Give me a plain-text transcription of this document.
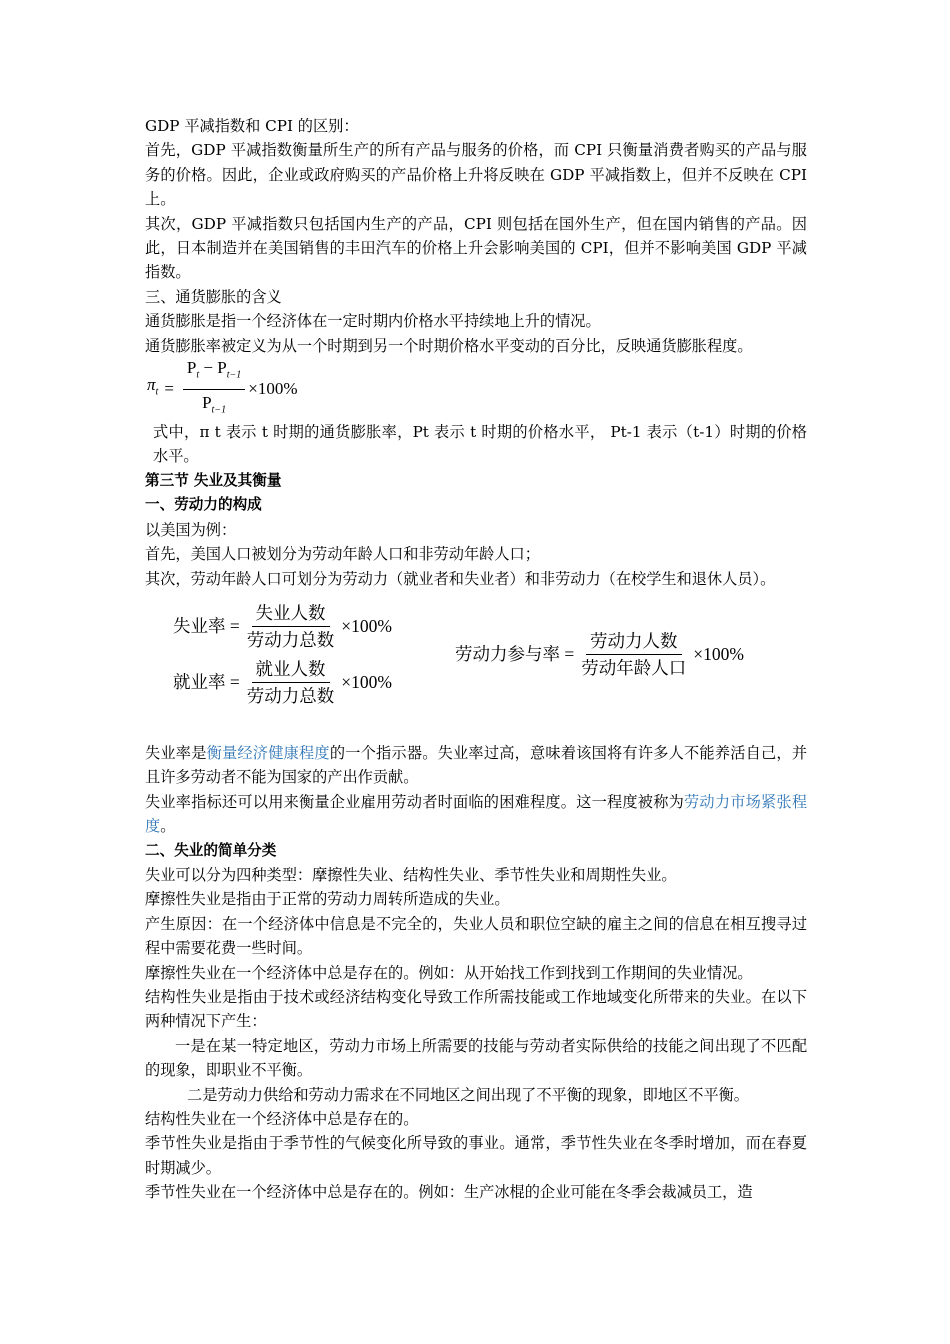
GDP 平减指数和 CPI 的区别：

首先，GDP 平减指数衡量所生产的所有产品与服务的价格，而 CPI 只衡量消费者购买的产品与服务的价格。因此，企业或政府购买的产品价格上升将反映在 GDP 平减指数上，但并不反映在 CPI 上。

其次，GDP 平减指数只包括国内生产的产品，CPI 则包括在国外生产，但在国内销售的产品。因此，日本制造并在美国销售的丰田汽车的价格上升会影响美国的 CPI，但并不影响美国 GDP 平减指数。

三、通货膨胀的含义

通货膨胀是指一个经济体在一定时期内价格水平持续地上升的情况。

通货膨胀率被定义为从一个时期到另一个时期价格水平变动的百分比，反映通货膨胀程度。

$\pi_t = \frac{P_t - P_{t-1}}{P_{t-1}} \times 100\%$

式中，π t 表示 t 时期的通货膨胀率，Pt 表示 t 时期的价格水平， Pt-1 表示（t-1）时期的价格水平。

第三节 失业及其衡量

一、劳动力的构成

以美国为例：

首先，美国人口被划分为劳动年龄人口和非劳动年龄人口；

其次，劳动年龄人口可划分为劳动力（就业者和失业者）和非劳动力（在校学生和退休人员）。

失业率 = $\frac{\text{失业人数}}{\text{劳动力总数}} \times 100\%$
就业率 = $\frac{\text{就业人数}}{\text{劳动力总数}} \times 100\%$
劳动力参与率 = $\frac{\text{劳动力人数}}{\text{劳动年龄人口}} \times 100\%$

失业率是衡量经济健康程度的一个指示器。失业率过高，意味着该国将有许多人不能养活自己，并且许多劳动者不能为国家的产出作贡献。

失业率指标还可以用来衡量企业雇用劳动者时面临的困难程度。这一程度被称为劳动力市场紧张程度。

二、失业的简单分类

失业可以分为四种类型：摩擦性失业、结构性失业、季节性失业和周期性失业。

摩擦性失业是指由于正常的劳动力周转所造成的失业。

产生原因：在一个经济体中信息是不完全的，失业人员和职位空缺的雇主之间的信息在相互搜寻过程中需要花费一些时间。

摩擦性失业在一个经济体中总是存在的。例如：从开始找工作到找到工作期间的失业情况。

结构性失业是指由于技术或经济结构变化导致工作所需技能或工作地域变化所带来的失业。在以下两种情况下产生：

一是在某一特定地区，劳动力市场上所需要的技能与劳动者实际供给的技能之间出现了不匹配的现象，即职业不平衡。

二是劳动力供给和劳动力需求在不同地区之间出现了不平衡的现象，即地区不平衡。

结构性失业在一个经济体中总是存在的。

季节性失业是指由于季节性的气候变化所导致的事业。通常，季节性失业在冬季时增加，而在春夏时期减少。

季节性失业在一个经济体中总是存在的。例如：生产冰棍的企业可能在冬季会裁减员工，造
